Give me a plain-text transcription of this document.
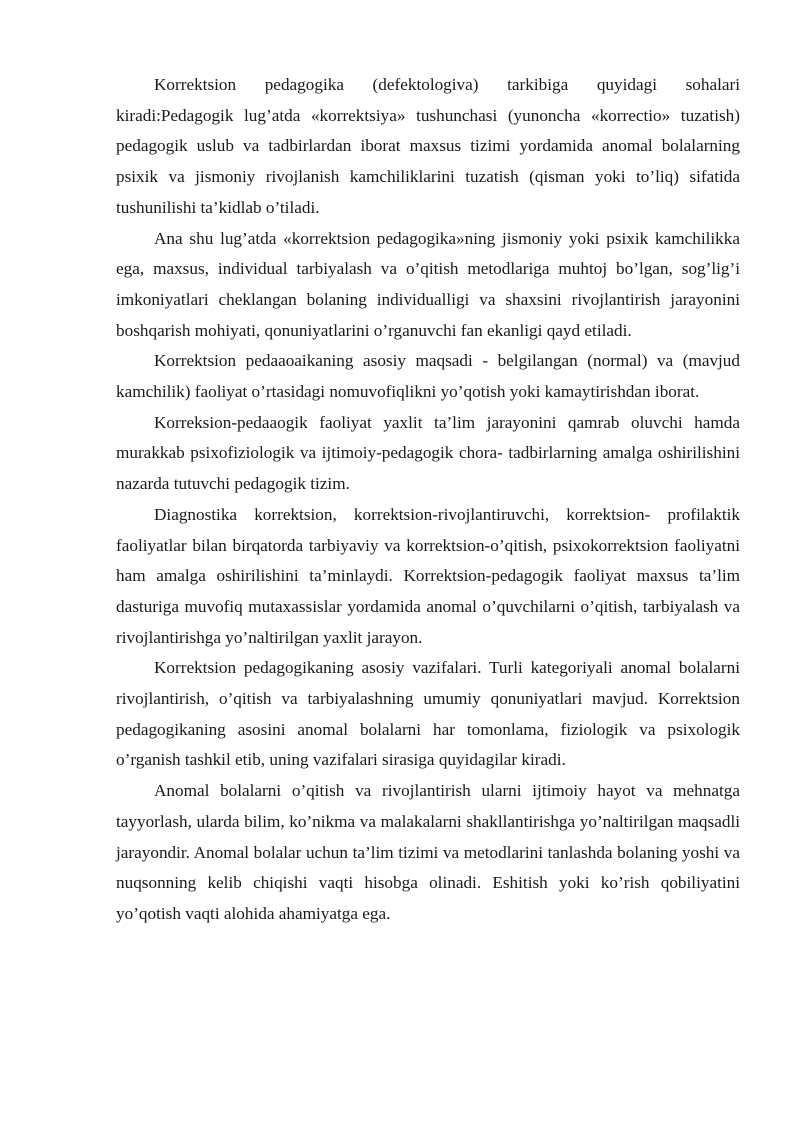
Korrektsion pedagogika (defektologiva) tarkibiga quyidagi sohalari kiradi:Pedagogik lug’atda «korrektsiya» tushunchasi (yunoncha «korrectio» tuzatish) pedagogik uslub va tadbirlardan iborat maxsus tizimi yordamida anomal bolalarning psixik va jismoniy rivojlanish kamchiliklarini tuzatish (qisman yoki to’liq) sifatida tushunilishi ta’kidlab o’tiladi.

Ana shu lug’atda «korrektsion pedagogika»ning jismoniy yoki psixik kamchilikka ega, maxsus, individual tarbiyalash va o’qitish metodlariga muhtoj bo’lgan, sog’lig’i imkoniyatlari cheklangan bolaning individualligi va shaxsini rivojlantirish jarayonini boshqarish mohiyati, qonuniyatlarini o’rganuvchi fan ekanligi qayd etiladi.

Korrektsion pedaaoaikaning asosiy maqsadi - belgilangan (normal) va (mavjud kamchilik) faoliyat o’rtasidagi nomuvofiqlikni yo’qotish yoki kamaytirishdan iborat.

Korreksion-pedaaogik faoliyat yaxlit ta’lim jarayonini qamrab oluvchi hamda murakkab psixofiziologik va ijtimoiy-pedagogik chora- tadbirlarning amalga oshirilishini nazarda tutuvchi pedagogik tizim.

Diagnostika korrektsion, korrektsion-rivojlantiruvchi, korrektsion- profilaktik faoliyatlar bilan birqatorda tarbiyaviy va korrektsion-o’qitish, psixokorrektsion faoliyatni ham amalga oshirilishini ta’minlaydi. Korrektsion-pedagogik faoliyat maxsus ta’lim dasturiga muvofiq mutaxassislar yordamida anomal o’quvchilarni o’qitish, tarbiyalash va rivojlantirishga yo’naltirilgan yaxlit jarayon.

Korrektsion pedagogikaning asosiy vazifalari. Turli kategoriyali anomal bolalarni rivojlantirish, o’qitish va tarbiyalashning umumiy qonuniyatlari mavjud. Korrektsion pedagogikaning asosini anomal bolalarni har tomonlama, fiziologik va psixologik o’rganish tashkil etib, uning vazifalari sirasiga quyidagilar kiradi.

Anomal bolalarni o’qitish va rivojlantirish ularni ijtimoiy hayot va mehnatga tayyorlash, ularda bilim, ko’nikma va malakalarni shakllantirishga yo’naltirilgan maqsadli jarayondir. Anomal bolalar uchun ta’lim tizimi va metodlarini tanlashda bolaning yoshi va nuqsonning kelib chiqishi vaqti hisobga olinadi. Eshitish yoki ko’rish qobiliyatini yo’qotish vaqti alohida ahamiyatga ega.
